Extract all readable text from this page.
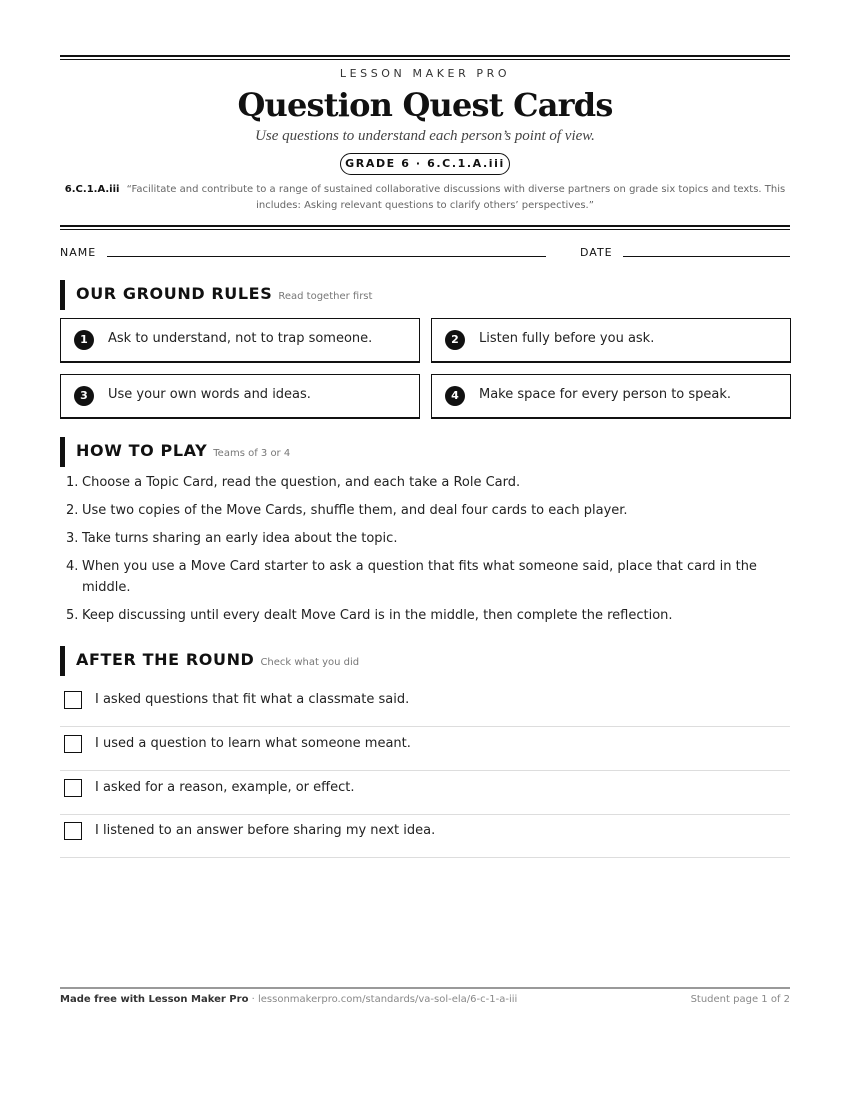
LESSON MAKER PRO
Question Quest Cards
Use questions to understand each person’s point of view.
GRADE 6 · 6.C.1.A.iii
6.C.1.A.iii “Facilitate and contribute to a range of sustained collaborative discussions with diverse partners on grade six topics and texts. This includes: Asking relevant questions to clarify others’ perspectives.”
NAME	DATE
OUR GROUND RULES Read together first
1	Ask to understand, not to trap someone.	2	Listen fully before you ask.
3	Use your own words and ideas.	4	Make space for every person to speak.
HOW TO PLAY Teams of 3 or 4
1. Choose a Topic Card, read the question, and each take a Role Card.
2. Use two copies of the Move Cards, shuffle them, and deal four cards to each player.
3. Take turns sharing an early idea about the topic.
4. When you use a Move Card starter to ask a question that fits what someone said, place that card in the middle.
5. Keep discussing until every dealt Move Card is in the middle, then complete the reflection.
AFTER THE ROUND Check what you did
I asked questions that fit what a classmate said.
I used a question to learn what someone meant.
I asked for a reason, example, or effect.
I listened to an answer before sharing my next idea.
Made free with Lesson Maker Pro · lessonmakerpro.com/standards/va-sol-ela/6-c-1-a-iii	Student page 1 of 2
